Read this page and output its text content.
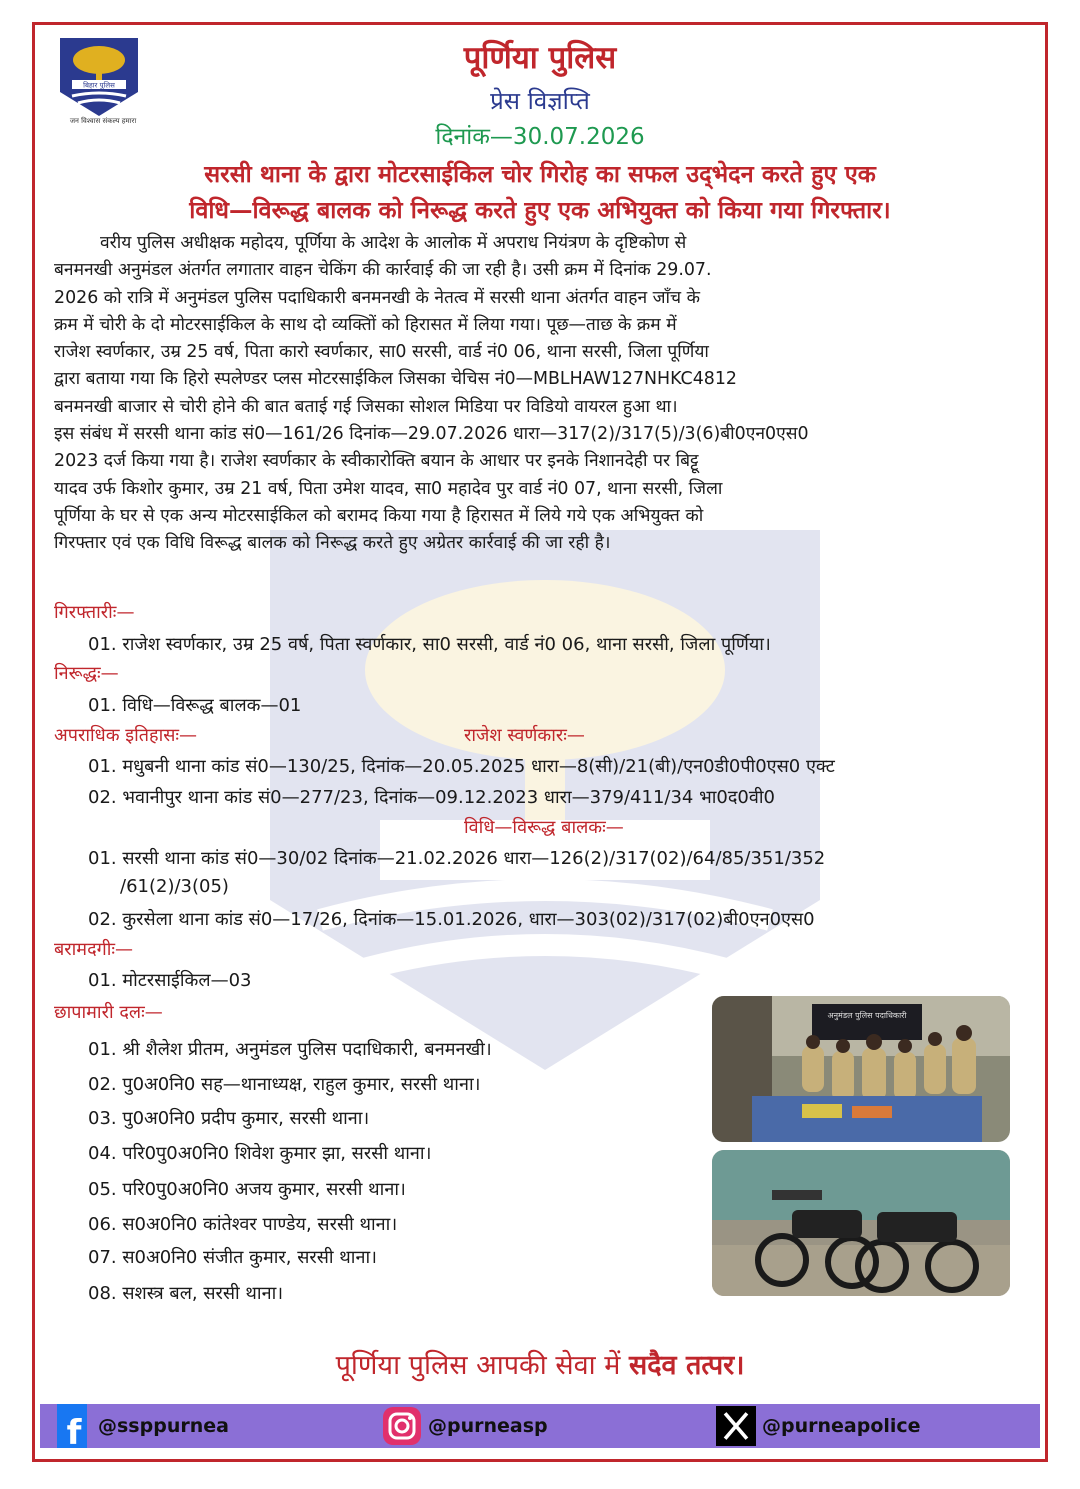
बिहार पुलिस
जन विश्वास संकल्प हमारा
पूर्णिया पुलिस
प्रेस विज्ञप्ति
दिनांक—30.07.2026
सरसी थाना के द्वारा मोटरसाईकिल चोर गिरोह का सफल उद्‌भेदन करते हुए एक
विधि—विरूद्ध बालक को निरूद्ध करते हुए एक अभियुक्त को किया गया गिरफ्तार।
वरीय पुलिस अधीक्षक महोदय, पूर्णिया के आदेश के आलोक में अपराध नियंत्रण के दृष्टिकोण से
बनमनखी अनुमंडल अंतर्गत लगातार वाहन चेकिंग की कार्रवाई की जा रही है। उसी क्रम में दिनांक 29.07.
2026 को रात्रि में अनुमंडल पुलिस पदाधिकारी बनमनखी के नेतत्व में सरसी थाना अंतर्गत वाहन जाँच के
क्रम में चोरी के दो मोटरसाईकिल के साथ दो व्यक्तिों को हिरासत में लिया गया। पूछ—ताछ के क्रम में
राजेश स्वर्णकार, उम्र 25 वर्ष, पिता कारो स्वर्णकार, सा0 सरसी, वार्ड नं0 06, थाना सरसी, जिला पूर्णिया
द्वारा बताया गया कि हिरो स्पलेण्डर प्लस मोटरसाईकिल जिसका चेचिस नं0—MBLHAW127NHKC4812
बनमनखी बाजार से चोरी होने की बात बताई गई जिसका सोशल मिडिया पर विडियो वायरल हुआ था।
इस संबंध में सरसी थाना कांड सं0—161/26 दिनांक—29.07.2026 धारा—317(2)/317(5)/3(6)बी0एन0एस0
2023 दर्ज किया गया है। राजेश स्वर्णकार के स्वीकारोक्ति बयान के आधार पर इनके निशानदेही पर बिट्टू
यादव उर्फ किशोर कुमार, उम्र 21 वर्ष, पिता उमेश यादव, सा0 महादेव पुर वार्ड नं0 07, थाना सरसी, जिला
पूर्णिया के घर से एक अन्य मोटरसाईकिल को बरामद किया गया है हिरासत में लिये गये एक अभियुक्त को
गिरफ्तार एवं एक विधि विरूद्ध बालक को निरूद्ध करते हुए अग्रेतर कार्रवाई की जा रही है।
गिरफ्तारीः—
01. राजेश स्वर्णकार, उम्र 25 वर्ष, पिता स्वर्णकार, सा0 सरसी, वार्ड नं0 06, थाना सरसी, जिला पूर्णिया।
निरूद्धः—
01. विधि—विरूद्ध बालक—01
अपराधिक इतिहासः—	राजेश स्वर्णकारः—
01. मधुबनी थाना कांड सं0—130/25, दिनांक—20.05.2025 धारा—8(सी)/21(बी)/एन0डी0पी0एस0 एक्ट
02. भवानीपुर थाना कांड सं0—277/23, दिनांक—09.12.2023 धारा—379/411/34 भा0द0वी0
विधि—विरूद्ध बालकः—
01. सरसी थाना कांड सं0—30/02 दिनांक—21.02.2026 धारा—126(2)/317(02)/64/85/351/352
/61(2)/3(05)
02. कुरसेला थाना कांड सं0—17/26, दिनांक—15.01.2026, धारा—303(02)/317(02)बी0एन0एस0
बरामदगीः—
01. मोटरसाईकिल—03
छापामारी दलः—
01. श्री शैलेश प्रीतम, अनुमंडल पुलिस पदाधिकारी, बनमनखी।
02. पु0अ0नि0 सह—थानाध्यक्ष, राहुल कुमार, सरसी थाना।
03. पु0अ0नि0 प्रदीप कुमार, सरसी थाना।
04. परि0पु0अ0नि0 शिवेश कुमार झा, सरसी थाना।
05. परि0पु0अ0नि0 अजय कुमार, सरसी थाना।
06. स0अ0नि0 कांतेश्वर पाण्डेय, सरसी थाना।
07. स0अ0नि0 संजीत कुमार, सरसी थाना।
08. सशस्त्र बल, सरसी थाना।
अनुमंडल पुलिस पदाधिकारी
पूर्णिया पुलिस आपकी सेवा में सदैव तत्पर।
f @ssppurnea	@purneasp	@purneapolice
